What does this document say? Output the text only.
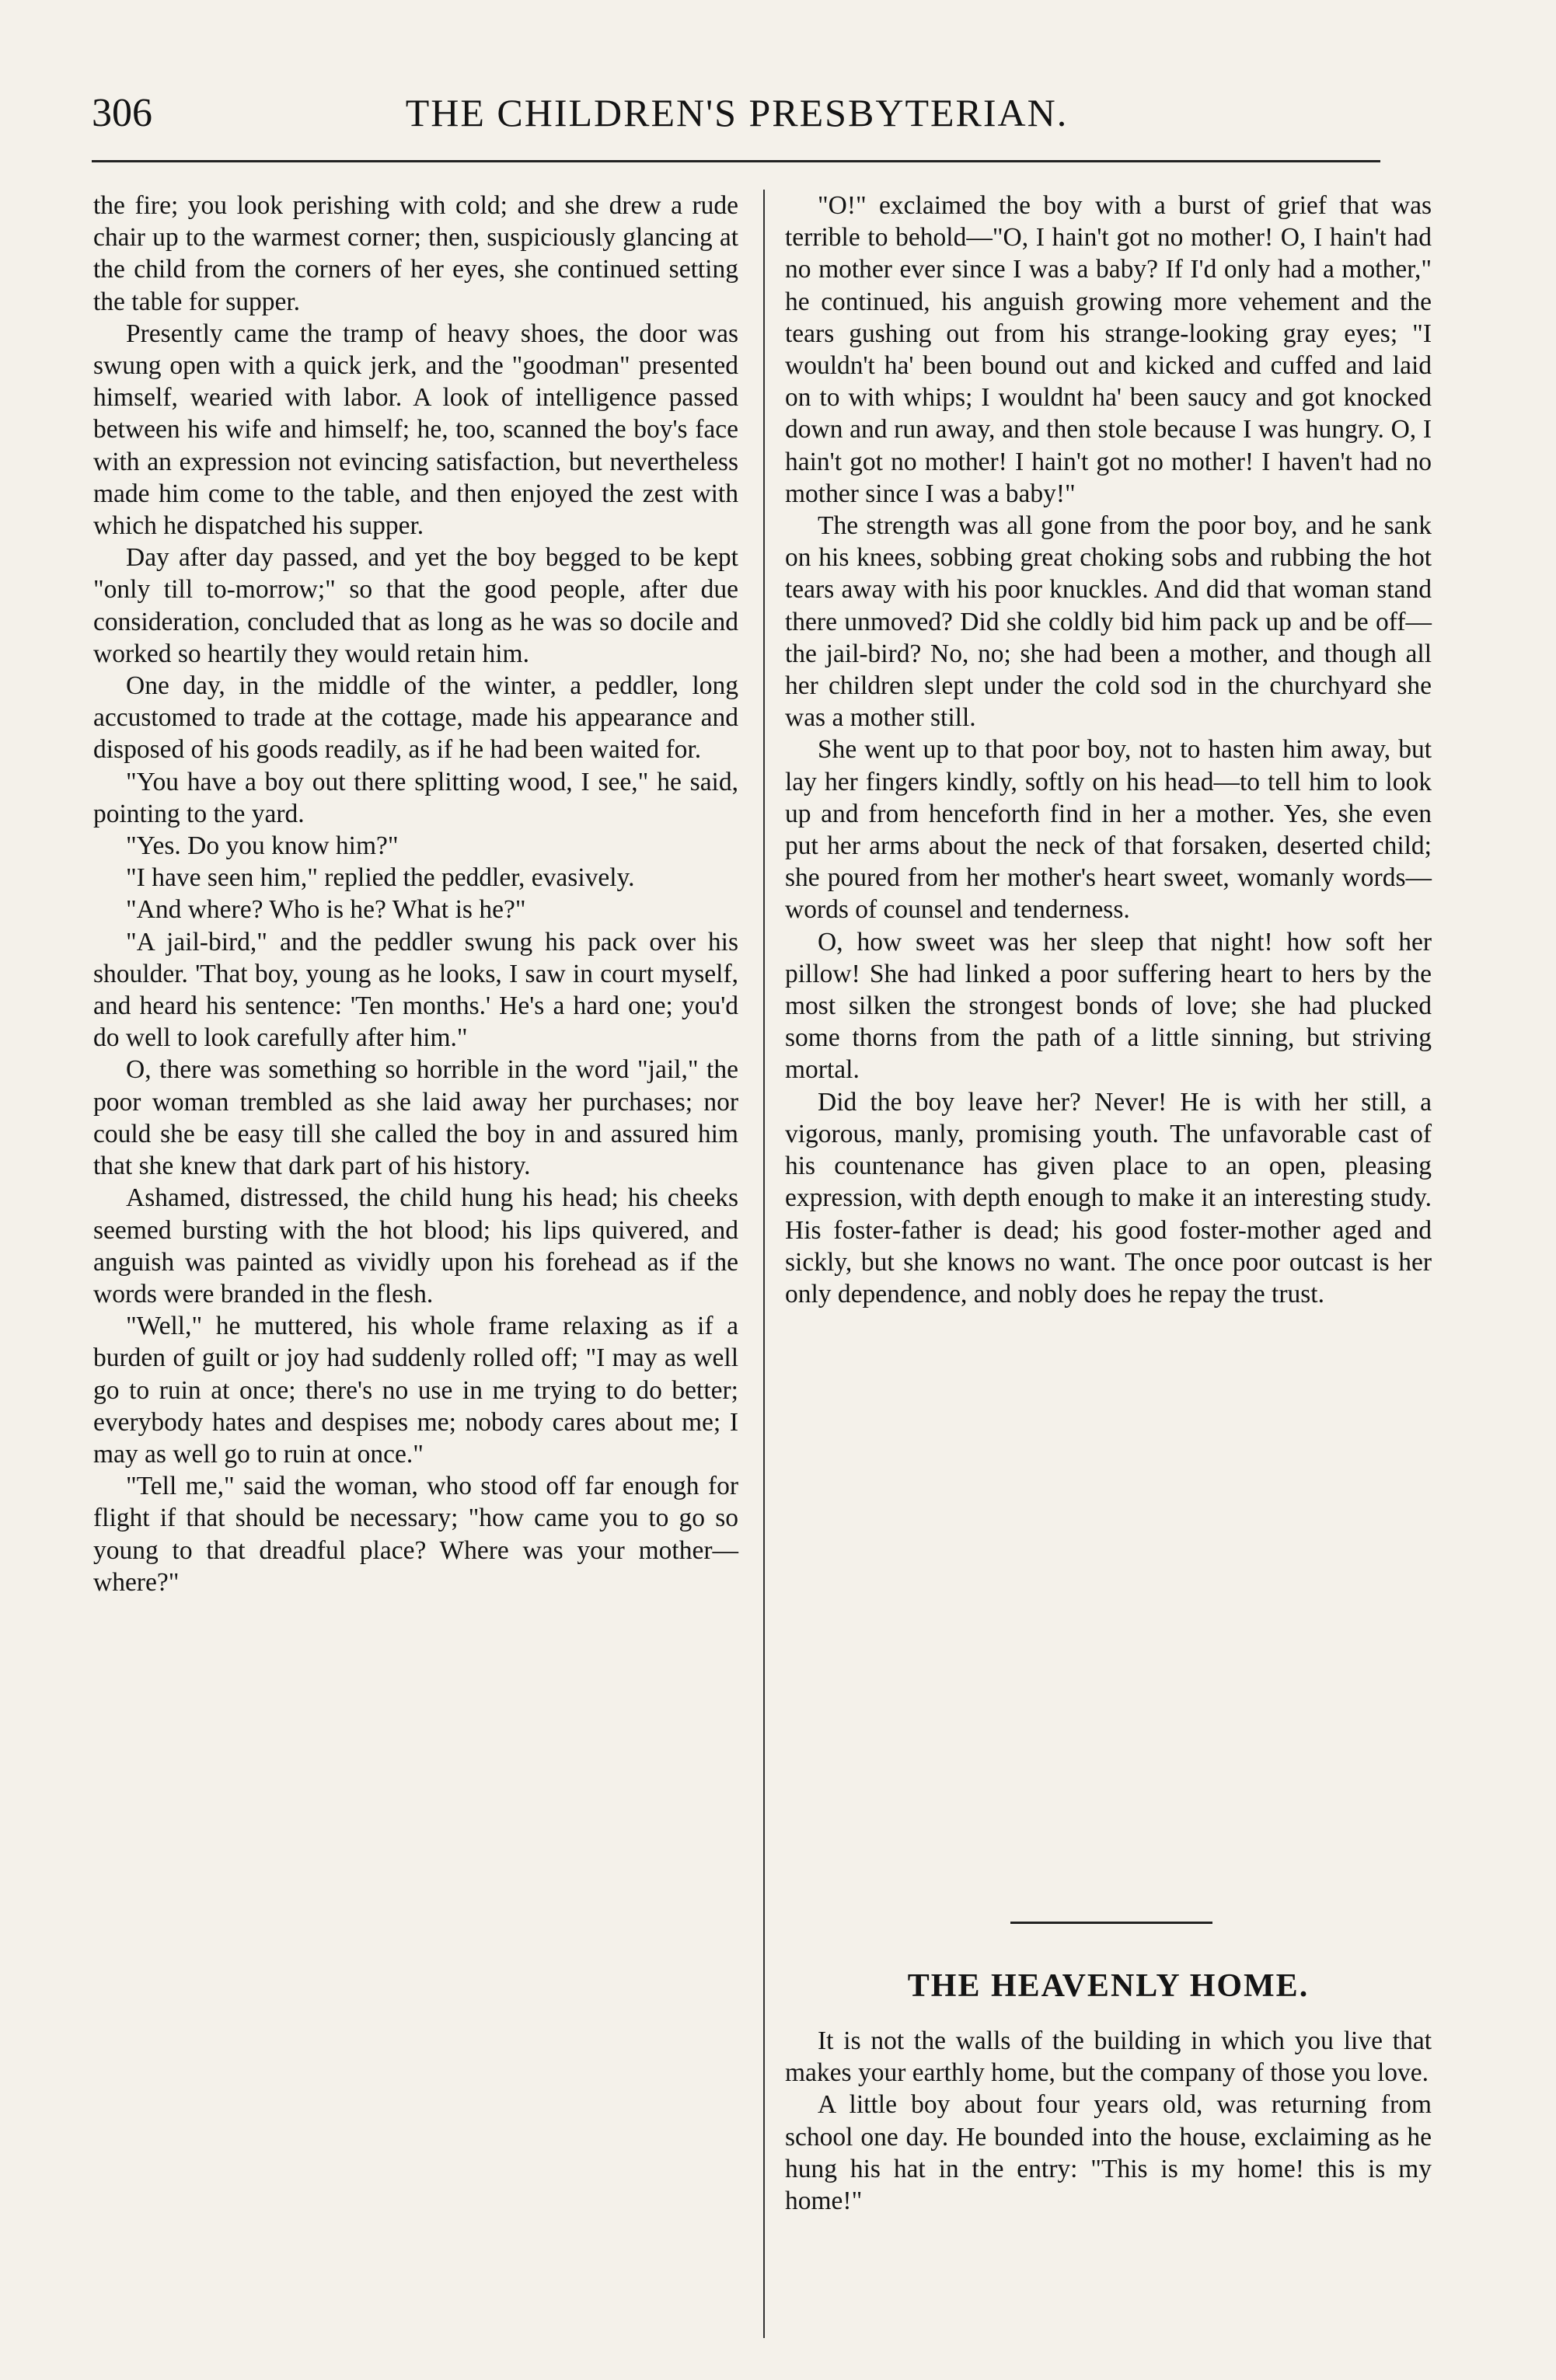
306	THE CHILDREN'S PRESBYTERIAN.

the fire; you look perishing with cold; and she drew a rude chair up to the warmest corner; then, suspiciously glancing at the child from the corners of her eyes, she continued setting the table for supper.

Presently came the tramp of heavy shoes, the door was swung open with a quick jerk, and the "goodman" presented himself, wearied with labor. A look of intelligence passed between his wife and himself; he, too, scanned the boy's face with an expression not evincing satisfaction, but nevertheless made him come to the table, and then enjoyed the zest with which he dispatched his supper.

Day after day passed, and yet the boy begged to be kept "only till to-morrow;" so that the good people, after due consideration, concluded that as long as he was so docile and worked so heartily they would retain him.

One day, in the middle of the winter, a peddler, long accustomed to trade at the cottage, made his appearance and disposed of his goods readily, as if he had been waited for.

"You have a boy out there splitting wood, I see," he said, pointing to the yard.

"Yes. Do you know him?"

"I have seen him," replied the peddler, evasively.

"And where? Who is he? What is he?"

"A jail-bird," and the peddler swung his pack over his shoulder. 'That boy, young as he looks, I saw in court myself, and heard his sentence: 'Ten months.' He's a hard one; you'd do well to look carefully after him."

O, there was something so horrible in the word "jail," the poor woman trembled as she laid away her purchases; nor could she be easy till she called the boy in and assured him that she knew that dark part of his history.

Ashamed, distressed, the child hung his head; his cheeks seemed bursting with the hot blood; his lips quivered, and anguish was painted as vividly upon his forehead as if the words were branded in the flesh.

"Well," he muttered, his whole frame relaxing as if a burden of guilt or joy had suddenly rolled off; "I may as well go to ruin at once; there's no use in me trying to do better; everybody hates and despises me; nobody cares about me; I may as well go to ruin at once."

"Tell me," said the woman, who stood off far enough for flight if that should be necessary; "how came you to go so young to that dreadful place? Where was your mother—where?"

"O!" exclaimed the boy with a burst of grief that was terrible to behold—"O, I hain't got no mother! O, I hain't had no mother ever since I was a baby? If I'd only had a mother," he continued, his anguish growing more vehement and the tears gushing out from his strange-looking gray eyes; "I wouldn't ha' been bound out and kicked and cuffed and laid on to with whips; I wouldnt ha' been saucy and got knocked down and run away, and then stole because I was hungry. O, I hain't got no mother! I hain't got no mother! I haven't had no mother since I was a baby!"

The strength was all gone from the poor boy, and he sank on his knees, sobbing great choking sobs and rubbing the hot tears away with his poor knuckles. And did that woman stand there unmoved? Did she coldly bid him pack up and be off—the jail-bird? No, no; she had been a mother, and though all her children slept under the cold sod in the churchyard she was a mother still.

She went up to that poor boy, not to hasten him away, but lay her fingers kindly, softly on his head—to tell him to look up and from henceforth find in her a mother. Yes, she even put her arms about the neck of that forsaken, deserted child; she poured from her mother's heart sweet, womanly words—words of counsel and tenderness.

O, how sweet was her sleep that night! how soft her pillow! She had linked a poor suffering heart to hers by the most silken the strongest bonds of love; she had plucked some thorns from the path of a little sinning, but striving mortal.

Did the boy leave her? Never! He is with her still, a vigorous, manly, promising youth. The unfavorable cast of his countenance has given place to an open, pleasing expression, with depth enough to make it an interesting study. His foster-father is dead; his good foster-mother aged and sickly, but she knows no want. The once poor outcast is her only dependence, and nobly does he repay the trust.

THE HEAVENLY HOME.

It is not the walls of the building in which you live that makes your earthly home, but the company of those you love.

A little boy about four years old, was returning from school one day. He bounded into the house, exclaiming as he hung his hat in the entry: "This is my home! this is my home!"
